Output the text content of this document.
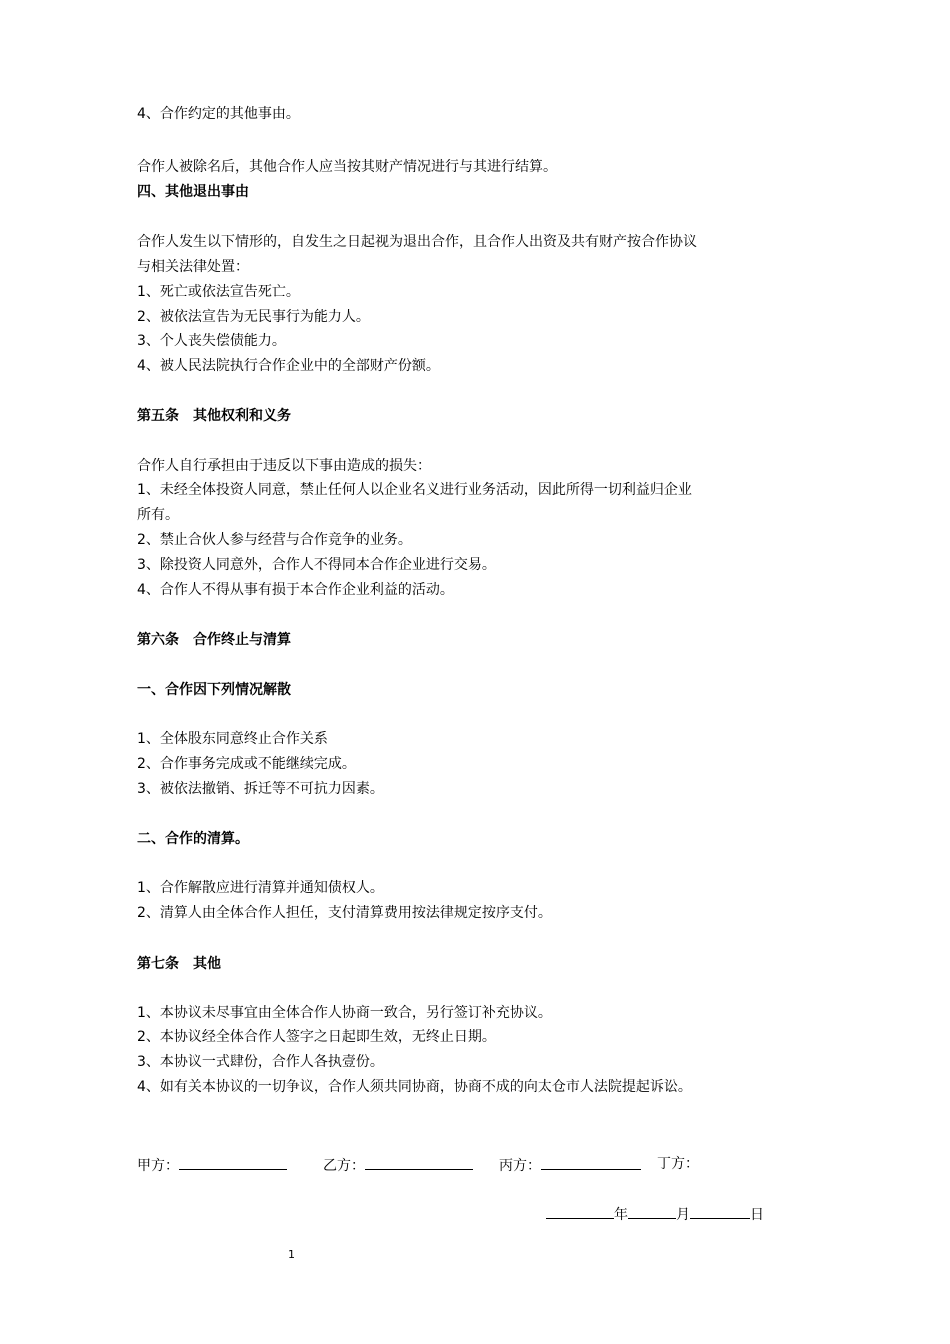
4、合作约定的其他事由。
合作人被除名后，其他合作人应当按其财产情况进行与其进行结算。
四、其他退出事由
合作人发生以下情形的，自发生之日起视为退出合作，且合作人出资及共有财产按合作协议
与相关法律处置：
1、死亡或依法宣告死亡。
2、被依法宣告为无民事行为能力人。
3、个人丧失偿债能力。
4、被人民法院执行合作企业中的全部财产份额。
第五条　其他权利和义务
合作人自行承担由于违反以下事由造成的损失：
1、未经全体投资人同意，禁止任何人以企业名义进行业务活动，因此所得一切利益归企业
所有。
2、禁止合伙人参与经营与合作竞争的业务。
3、除投资人同意外，合作人不得同本合作企业进行交易。
4、合作人不得从事有损于本合作企业利益的活动。
第六条　合作终止与清算
一、合作因下列情况解散
1、全体股东同意终止合作关系
2、合作事务完成或不能继续完成。
3、被依法撤销、拆迁等不可抗力因素。
二、合作的清算。
1、合作解散应进行清算并通知债权人。
2、清算人由全体合作人担任，支付清算费用按法律规定按序支付。
第七条　其他
1、本协议未尽事宜由全体合作人协商一致合，另行签订补充协议。
2、本协议经全体合作人签字之日起即生效，无终止日期。
3、本协议一式肆份，合作人各执壹份。
4、如有关本协议的一切争议，合作人须共同协商，协商不成的向太仓市人法院提起诉讼。
甲方：	乙方：	丙方：	丁方：
年	月	日
1
